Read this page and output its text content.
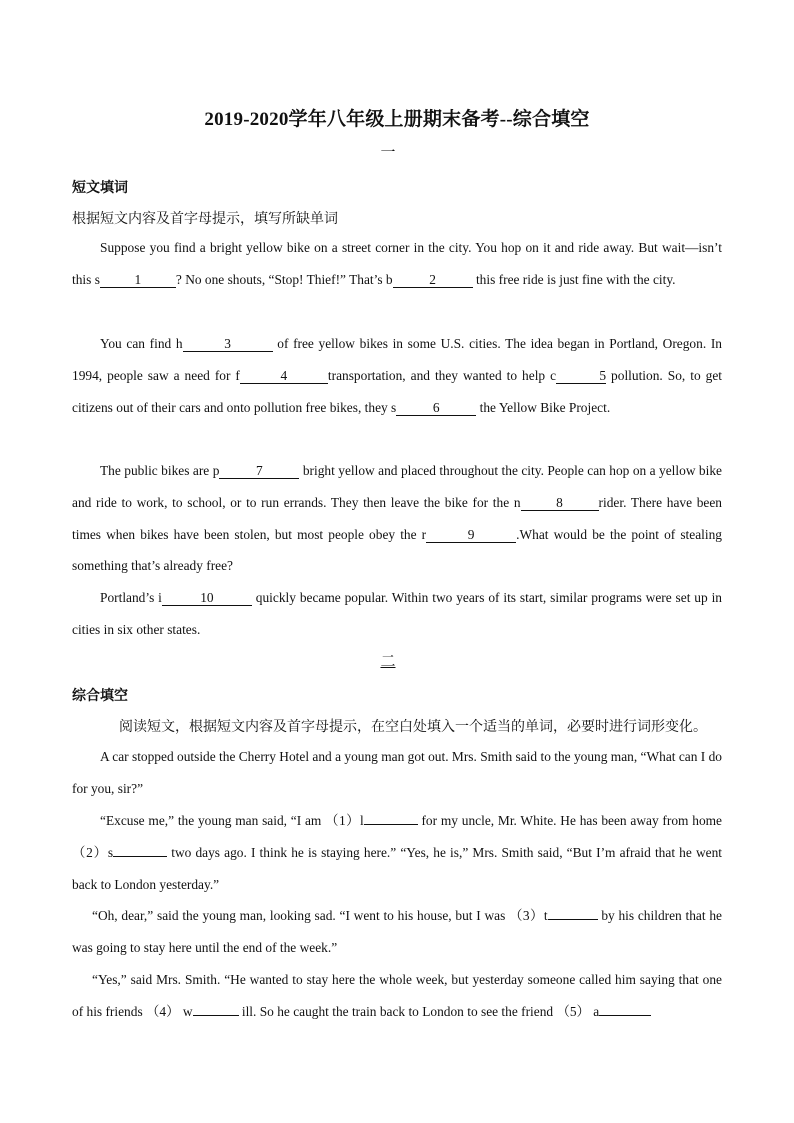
2019-2020学年八年级上册期末备考--综合填空
一
短文填词
根据短文内容及首字母提示，填写所缺单词
Suppose you find a bright yellow bike on a street corner in the city. You hop on it and ride away. But wait—isn’t this s	1	? No one shouts, “Stop! Thief!” That’s b	2	this free ride is just fine with the city.
You can find h	3	of free yellow bikes in some U.S. cities. The idea began in Portland, Oregon. In 1994, people saw a need for f	4	transportation, and they wanted to help c	5 pollution. So, to get citizens out of their cars and onto pollution free bikes, they s	6	the Yellow Bike Project.
The public bikes are p	7	bright yellow and placed throughout the city. People can hop on a yellow bike and ride to work, to school, or to run errands. They then leave the bike for the n	8	rider. There have been times when bikes have been stolen, but most people obey the r	9	.What would be the point of stealing something that’s already free?
Portland’s i	10	quickly became popular. Within two years of its start, similar programs were set up in cities in six other states.
二
综合填空
阅读短文，根据短文内容及首字母提示，在空白处填入一个适当的单词，必要时进行词形变化。
A car stopped outside the Cherry Hotel and a young man got out. Mrs. Smith said to the young man, “What can I do for you, sir?”
“Excuse me,” the young man said, “I am （1）l	for my uncle, Mr. White. He has been away from home （2）s	two days ago. I think he is staying here.” “Yes, he is,” Mrs. Smith said, “But I’m afraid that he went back to London yesterday.”
“Oh, dear,” said the young man, looking sad. “I went to his house, but I was （3）t	by his children that he was going to stay here until the end of the week.”
“Yes,” said Mrs. Smith. “He wanted to stay here the whole week, but yesterday someone called him saying that one of his friends （4） w	ill. So he caught the train back to London to see the friend （5） a
